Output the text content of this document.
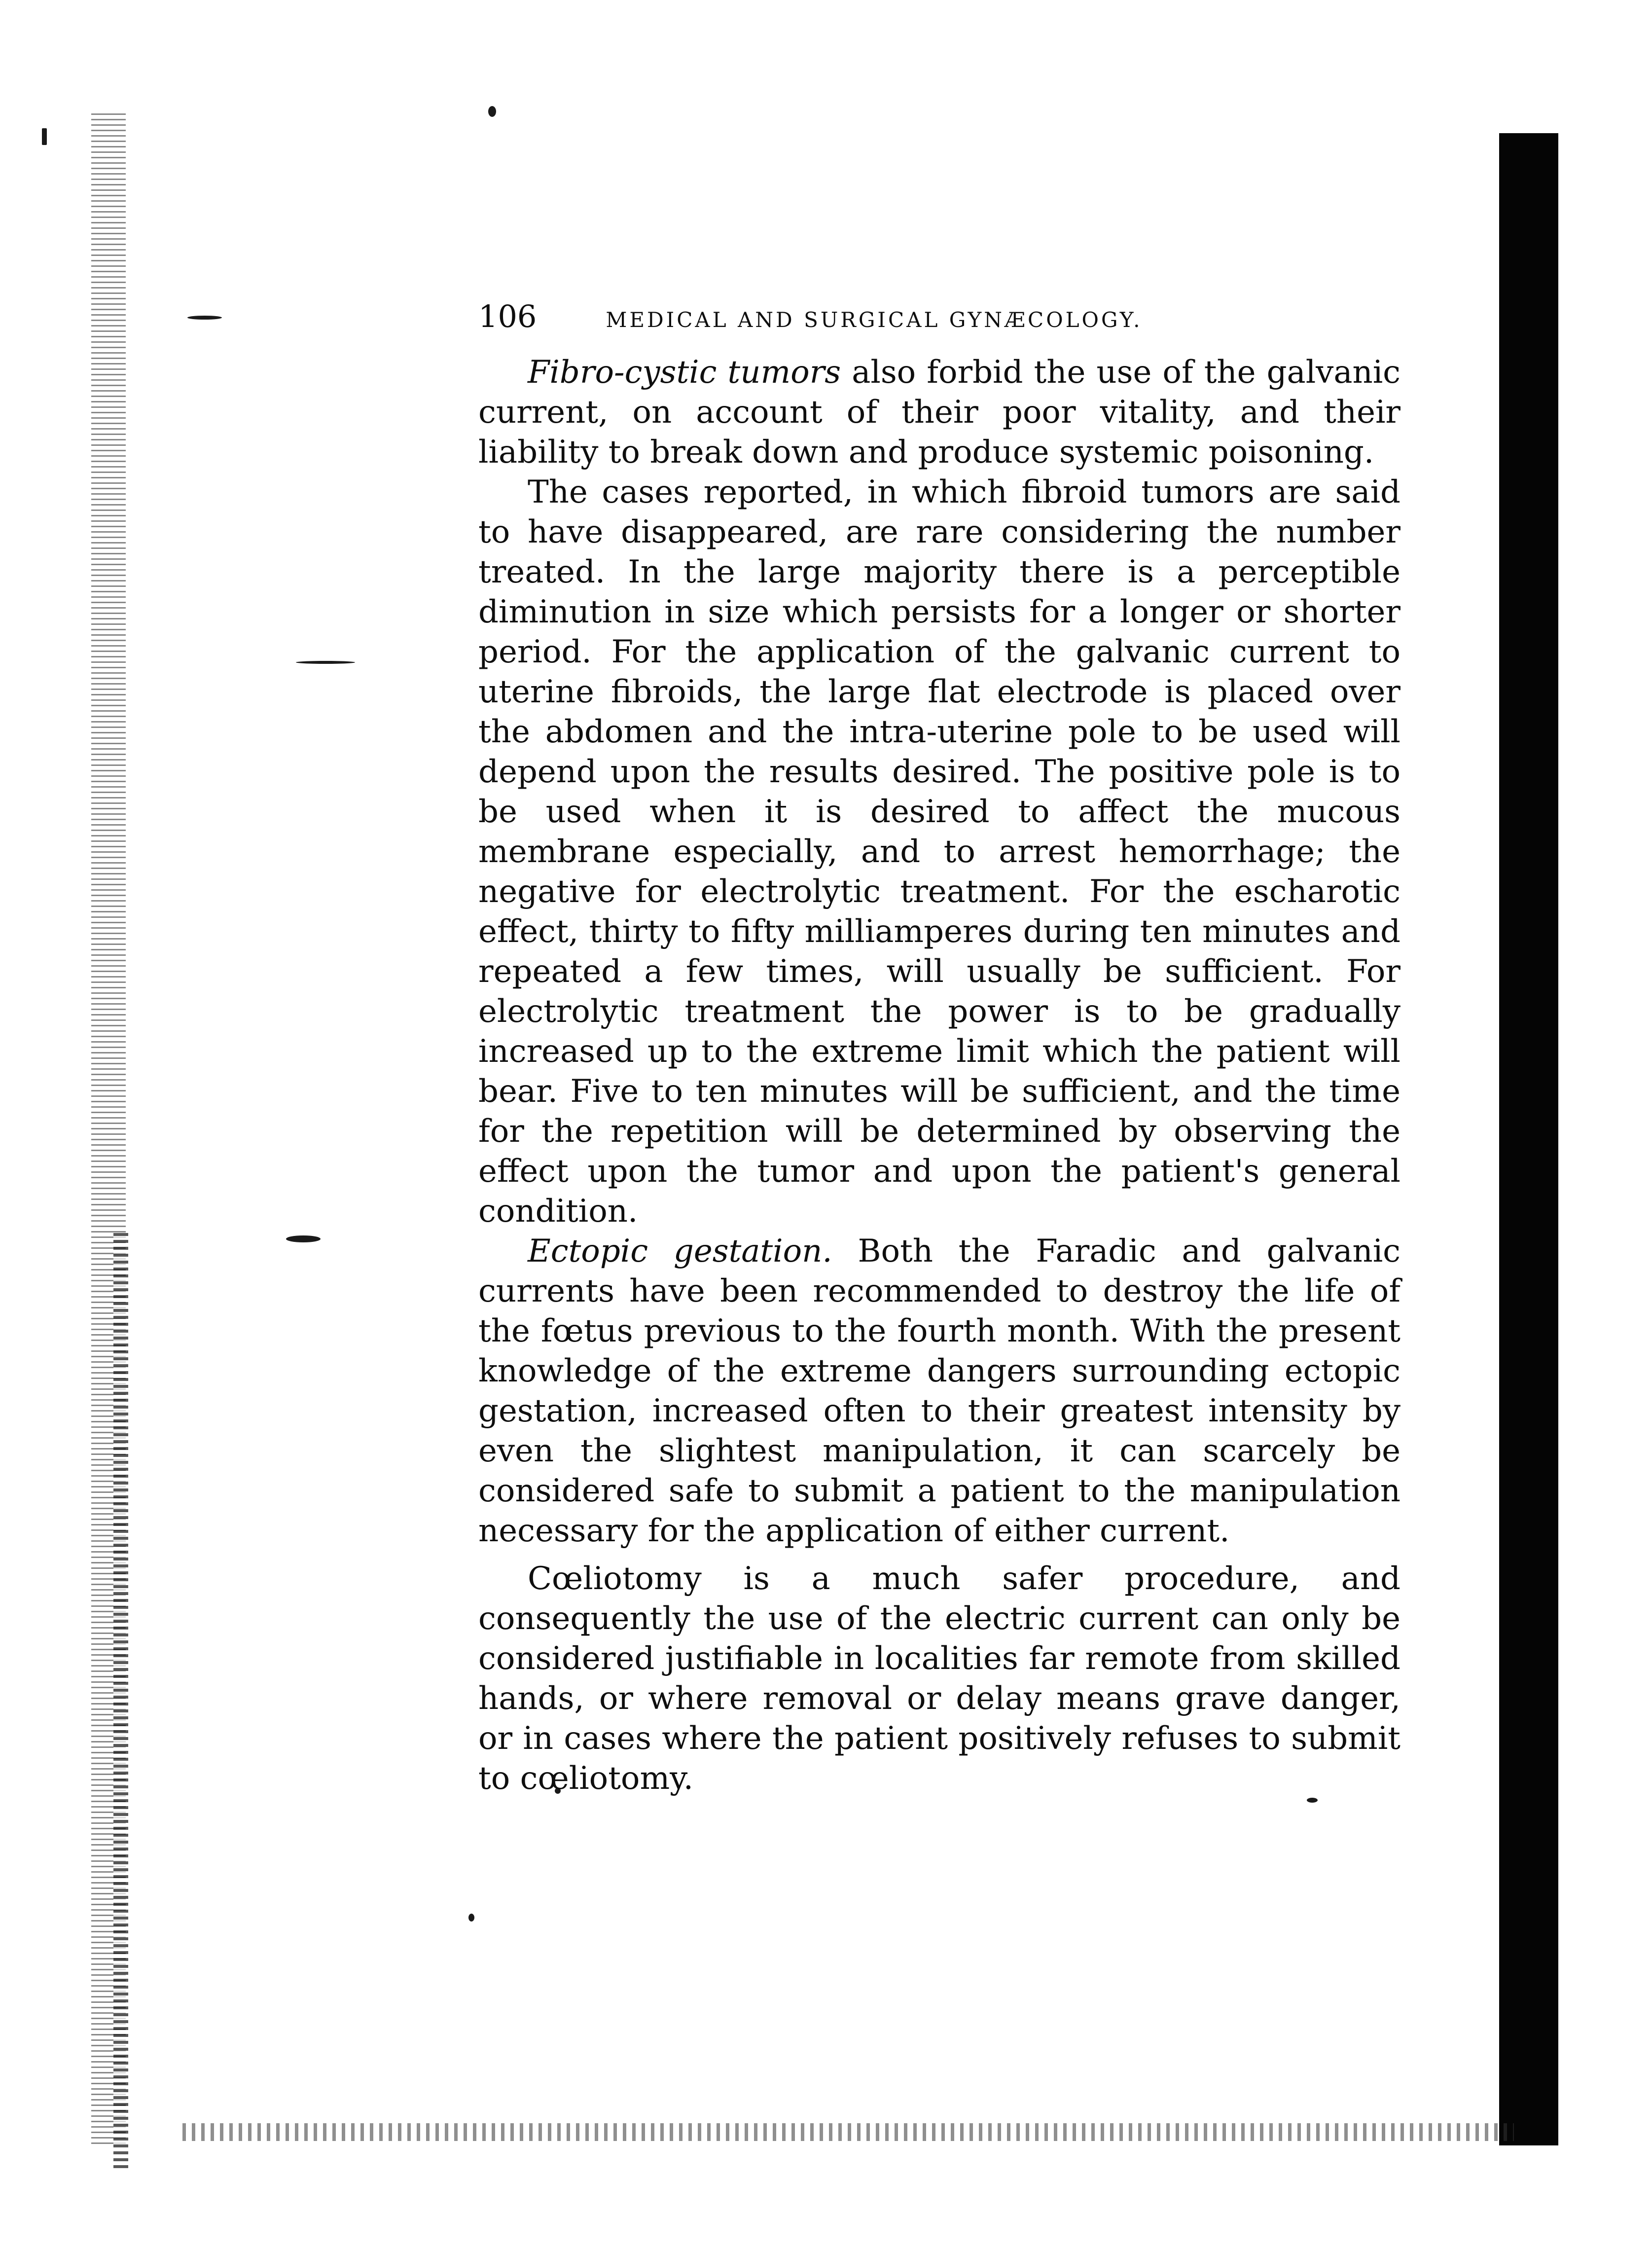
106	MEDICAL AND SURGICAL GYNÆCOLOGY.

Fibro-cystic tumors also forbid the use of the galvanic current, on account of their poor vitality, and their liability to break down and produce systemic poisoning.

The cases reported, in which fibroid tumors are said to have disappeared, are rare considering the number treated. In the large majority there is a perceptible diminution in size which persists for a longer or shorter period. For the application of the galvanic current to uterine fibroids, the large flat electrode is placed over the abdomen and the intra-uterine pole to be used will depend upon the results desired. The positive pole is to be used when it is desired to affect the mucous membrane especially, and to arrest hemorrhage; the negative for electrolytic treatment. For the escharotic effect, thirty to fifty milliamperes during ten minutes and repeated a few times, will usually be sufficient. For electrolytic treatment the power is to be gradually increased up to the extreme limit which the patient will bear. Five to ten minutes will be sufficient, and the time for the repetition will be determined by observing the effect upon the tumor and upon the patient's general condition.

Ectopic gestation. Both the Faradic and galvanic currents have been recommended to destroy the life of the fœtus previous to the fourth month. With the present knowledge of the extreme dangers surrounding ectopic gestation, increased often to their greatest intensity by even the slightest manipulation, it can scarcely be considered safe to submit a patient to the manipulation necessary for the application of either current.

Cœliotomy is a much safer procedure, and consequently the use of the electric current can only be considered justifiable in localities far remote from skilled hands, or where removal or delay means grave danger, or in cases where the patient positively refuses to submit to cœliotomy.
